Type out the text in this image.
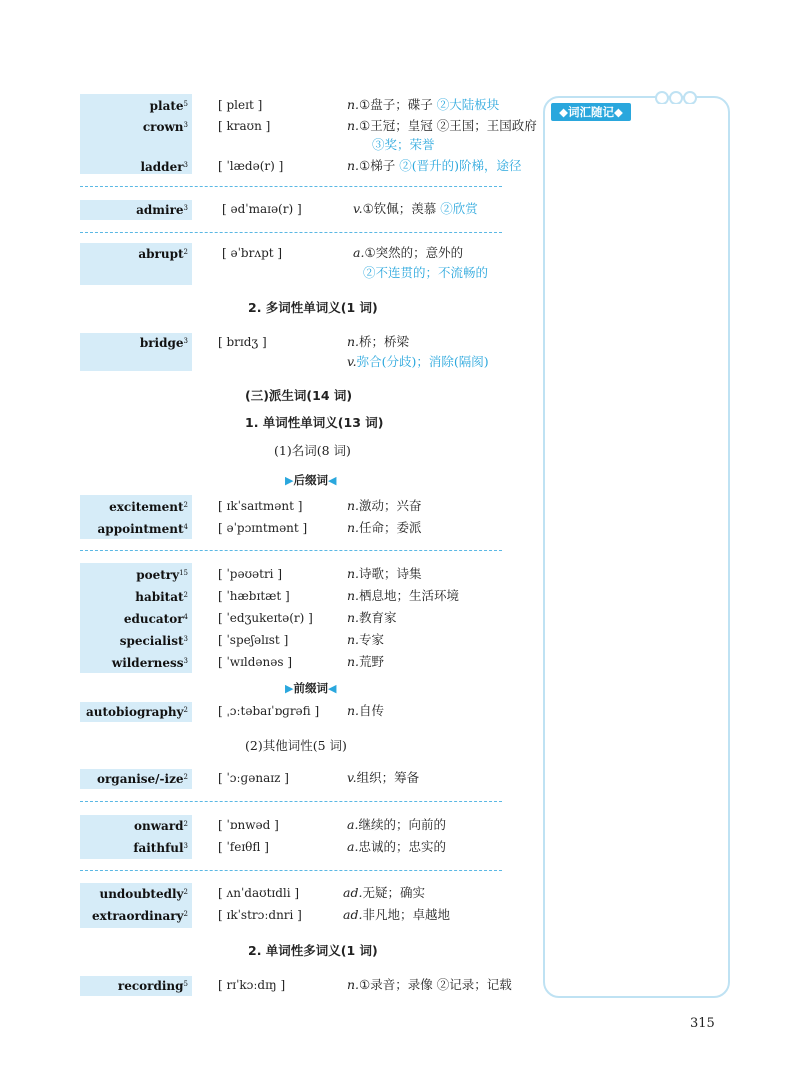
plate$^5$	[ pleɪt ]	n.①盘子；碟子 ②大陆板块
crown$^3$	[ kraʊn ]	n.①王冠；皇冠 ②王国；王国政府
③奖；荣誉
ladder$^3$	[ ˈlædə(r) ]	n.①梯子 ②(晋升的)阶梯，途径
admire$^3$	[ ədˈmaɪə(r) ]	v.①钦佩；羡慕 ②欣赏
abrupt$^2$	[ əˈbrʌpt ]	a.①突然的；意外的
②不连贯的；不流畅的
2. 多词性单词义(1 词)
bridge$^3$	[ brɪdʒ ]	n.桥；桥梁
v.弥合(分歧)；消除(隔阂)
(三)派生词(14 词)
1. 单词性单词义(13 词)
(1)名词(8 词)
▶后缀词◀
excitement$^2$	[ ɪkˈsaɪtmənt ]	n.激动；兴奋
appointment$^4$	[ əˈpɔɪntmənt ]	n.任命；委派
poetry$^{15}$	[ ˈpəʊətri ]	n.诗歌；诗集
habitat$^2$	[ ˈhæbɪtæt ]	n.栖息地；生活环境
educator$^4$	[ ˈedʒukeɪtə(r) ]	n.教育家
specialist$^3$	[ ˈspeʃəlɪst ]	n.专家
wilderness$^3$	[ ˈwɪldənəs ]	n.荒野
▶前缀词◀
autobiography$^2$	[ ˌɔːtəbaɪˈɒɡrəfi ] n.自传
(2)其他词性(5 词)
organise/-ize$^2$	[ ˈɔːɡənaɪz ]	v.组织；筹备
onward$^2$	[ ˈɒnwəd ]	a.继续的；向前的
faithful$^3$	[ ˈfeɪθfl ]	a.忠诚的；忠实的
undoubtedly$^2$	[ ʌnˈdaʊtɪdli ]	ad.无疑；确实
extraordinary$^2$	[ ɪkˈstrɔːdnri ]	ad.非凡地；卓越地
2. 单词性多词义(1 词)
recording$^5$	[ rɪˈkɔːdɪŋ ]	n.①录音；录像 ②记录；记载
◆词汇随记◆
315
